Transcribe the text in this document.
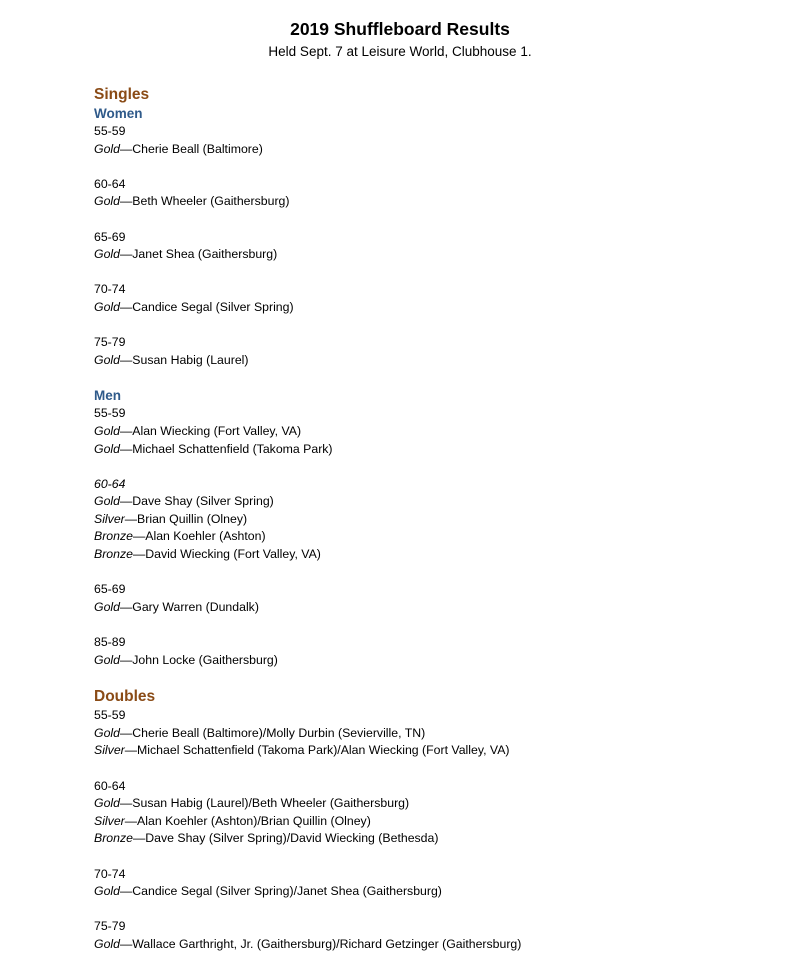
2019 Shuffleboard Results
Held Sept. 7 at Leisure World, Clubhouse 1.
Singles
Women
55-59
Gold—Cherie Beall (Baltimore)
60-64
Gold—Beth Wheeler (Gaithersburg)
65-69
Gold—Janet Shea (Gaithersburg)
70-74
Gold—Candice Segal (Silver Spring)
75-79
Gold—Susan Habig (Laurel)
Men
55-59
Gold—Alan Wiecking (Fort Valley, VA)
Gold—Michael Schattenfield (Takoma Park)
60-64
Gold—Dave Shay (Silver Spring)
Silver—Brian Quillin (Olney)
Bronze—Alan Koehler (Ashton)
Bronze—David Wiecking (Fort Valley, VA)
65-69
Gold—Gary Warren (Dundalk)
85-89
Gold—John Locke (Gaithersburg)
Doubles
55-59
Gold—Cherie Beall (Baltimore)/Molly Durbin (Sevierville, TN)
Silver—Michael Schattenfield (Takoma Park)/Alan Wiecking (Fort Valley, VA)
60-64
Gold—Susan Habig (Laurel)/Beth Wheeler (Gaithersburg)
Silver—Alan Koehler (Ashton)/Brian Quillin (Olney)
Bronze—Dave Shay (Silver Spring)/David Wiecking (Bethesda)
70-74
Gold—Candice Segal (Silver Spring)/Janet Shea (Gaithersburg)
75-79
Gold—Wallace Garthright, Jr. (Gaithersburg)/Richard Getzinger (Gaithersburg)
